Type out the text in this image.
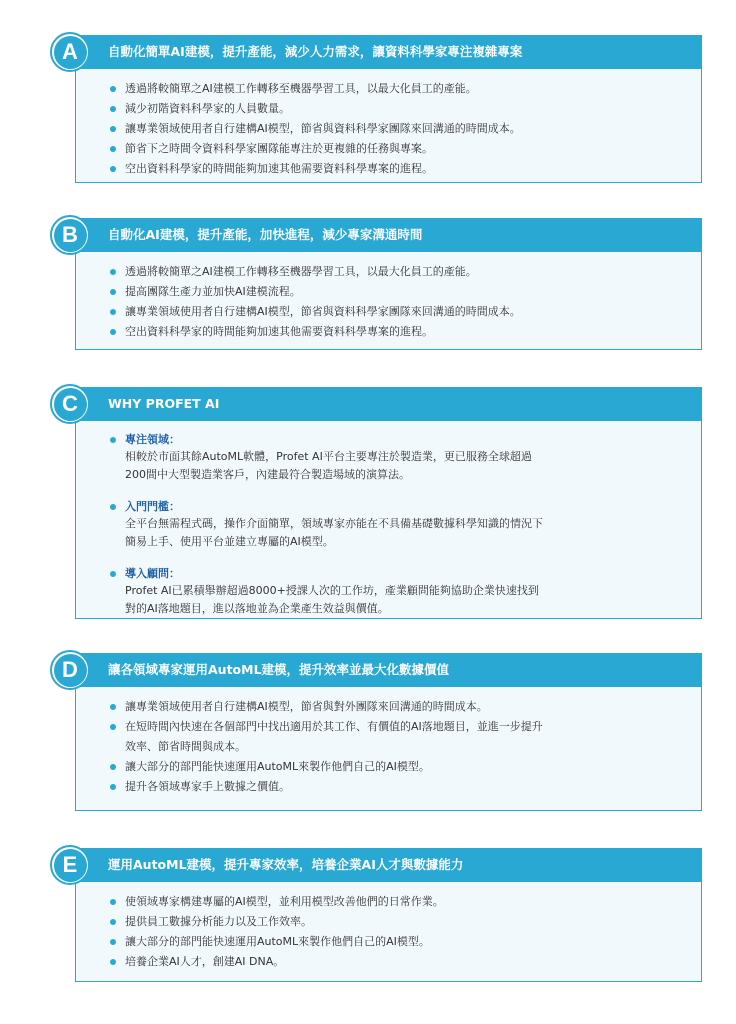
自動化簡單AI建模，提升產能，減少人力需求，讓資料科學家專注複雜專案
A
透過將較簡單之AI建模工作轉移至機器學習工具，以最大化員工的產能。
減少初階資料科學家的人員數量。
讓專業領域使用者自行建構AI模型，節省與資料科學家團隊來回溝通的時間成本。
節省下之時間令資料科學家團隊能專注於更複雜的任務與專案。
空出資料科學家的時間能夠加速其他需要資料科學專案的進程。
自動化AI建模，提升產能，加快進程，減少專家溝通時間
B
透過將較簡單之AI建模工作轉移至機器學習工具，以最大化員工的產能。
提高團隊生產力並加快AI建模流程。
讓專業領域使用者自行建構AI模型，節省與資料科學家團隊來回溝通的時間成本。
空出資料科學家的時間能夠加速其他需要資料科學專案的進程。
WHY PROFET AI
C
專注領域：
相較於市面其餘AutoML軟體，Profet AI平台主要專注於製造業，更已服務全球超過
200間中大型製造業客戶，內建最符合製造場域的演算法。
入門門檻：
全平台無需程式碼，操作介面簡單，領域專家亦能在不具備基礎數據科學知識的情況下
簡易上手、使用平台並建立專屬的AI模型。
導入顧問：
Profet AI已累積舉辦超過8000+授課人次的工作坊，產業顧問能夠協助企業快速找到
對的AI落地題目，進以落地並為企業產生效益與價值。
讓各領域專家運用AutoML建模，提升效率並最大化數據價值
D
讓專業領域使用者自行建構AI模型，節省與對外團隊來回溝通的時間成本。
在短時間內快速在各個部門中找出適用於其工作、有價值的AI落地題目，並進一步提升
效率、節省時間與成本。
讓大部分的部門能快速運用AutoML來製作他們自己的AI模型。
提升各領域專家手上數據之價值。
運用AutoML建模，提升專家效率，培養企業AI人才與數據能力
E
使領域專家構建專屬的AI模型，並利用模型改善他們的日常作業。
提供員工數據分析能力以及工作效率。
讓大部分的部門能快速運用AutoML來製作他們自己的AI模型。
培養企業AI人才，創建AI DNA。
